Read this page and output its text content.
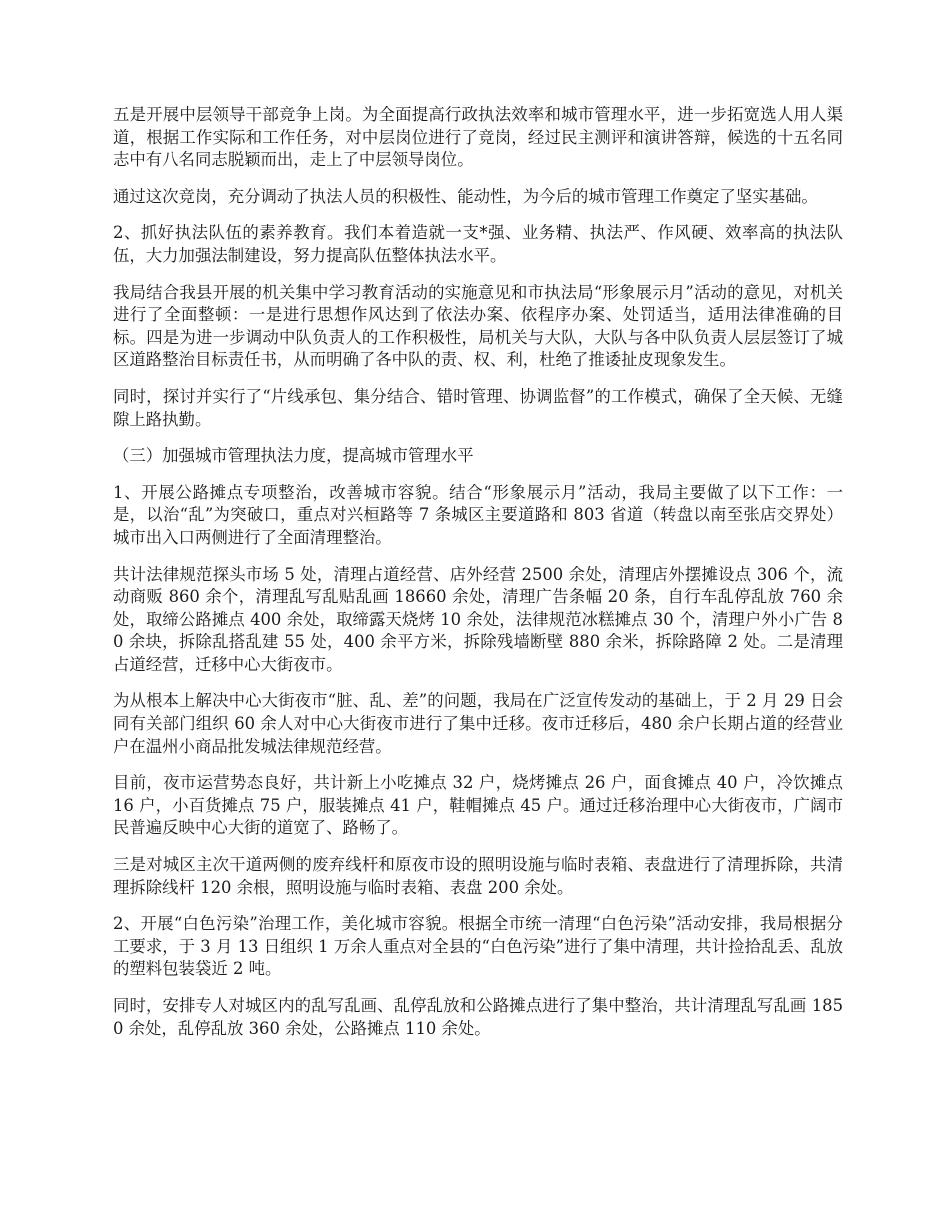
五是开展中层领导干部竞争上岗。为全面提高行政执法效率和城市管理水平，进一步拓宽选人用人渠道，根据工作实际和工作任务，对中层岗位进行了竞岗，经过民主测评和演讲答辩，候选的十五名同志中有八名同志脱颖而出，走上了中层领导岗位。

通过这次竞岗，充分调动了执法人员的积极性、能动性，为今后的城市管理工作奠定了坚实基础。

2、抓好执法队伍的素养教育。我们本着造就一支*强、业务精、执法严、作风硬、效率高的执法队伍，大力加强法制建设，努力提高队伍整体执法水平。

我局结合我县开展的机关集中学习教育活动的实施意见和市执法局“形象展示月”活动的意见，对机关进行了全面整顿：一是进行思想作风达到了依法办案、依程序办案、处罚适当，适用法律准确的目标。四是为进一步调动中队负责人的工作积极性，局机关与大队，大队与各中队负责人层层签订了城区道路整治目标责任书，从而明确了各中队的责、权、利，杜绝了推诿扯皮现象发生。

同时，探讨并实行了“片线承包、集分结合、错时管理、协调监督”的工作模式，确保了全天候、无缝隙上路执勤。

（三）加强城市管理执法力度，提高城市管理水平

1、开展公路摊点专项整治，改善城市容貌。结合“形象展示月”活动，我局主要做了以下工作：一是，以治“乱”为突破口，重点对兴桓路等 7 条城区主要道路和 803 省道（转盘以南至张店交界处）城市出入口两侧进行了全面清理整治。

共计法律规范探头市场 5 处，清理占道经营、店外经营 2500 余处，清理店外摆摊设点 306 个，流动商贩 860 余个，清理乱写乱贴乱画 18660 余处，清理广告条幅 20 条，自行车乱停乱放 760 余处，取缔公路摊点 400 余处，取缔露天烧烤 10 余处，法律规范冰糕摊点 30 个，清理户外小广告 80 余块，拆除乱搭乱建 55 处，400 余平方米，拆除残墙断壁 880 余米，拆除路障 2 处。二是清理占道经营，迁移中心大街夜市。

为从根本上解决中心大街夜市“脏、乱、差”的问题，我局在广泛宣传发动的基础上，于 2 月 29 日会同有关部门组织 60 余人对中心大街夜市进行了集中迁移。夜市迁移后，480 余户长期占道的经营业户在温州小商品批发城法律规范经营。

目前，夜市运营势态良好，共计新上小吃摊点 32 户，烧烤摊点 26 户，面食摊点 40 户，冷饮摊点 16 户，小百货摊点 75 户，服装摊点 41 户，鞋帽摊点 45 户。通过迁移治理中心大街夜市，广阔市民普遍反映中心大街的道宽了、路畅了。

三是对城区主次干道两侧的废弃线杆和原夜市设的照明设施与临时表箱、表盘进行了清理拆除，共清理拆除线杆 120 余根，照明设施与临时表箱、表盘 200 余处。

2、开展“白色污染”治理工作，美化城市容貌。根据全市统一清理“白色污染”活动安排，我局根据分工要求，于 3 月 13 日组织 1 万余人重点对全县的“白色污染”进行了集中清理，共计捡拾乱丢、乱放的塑料包装袋近 2 吨。

同时，安排专人对城区内的乱写乱画、乱停乱放和公路摊点进行了集中整治，共计清理乱写乱画 1850 余处，乱停乱放 360 余处，公路摊点 110 余处。
